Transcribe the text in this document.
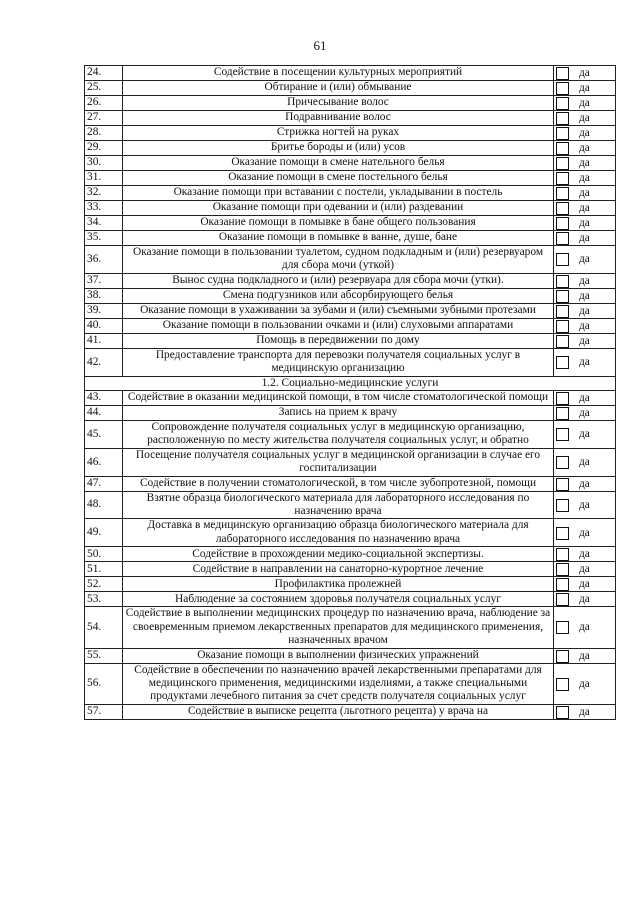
61
24.	Содействие в посещении культурных мероприятий	да
25.	Обтирание и (или) обмывание	да
26.	Причесывание волос	да
27.	Подравнивание волос	да
28.	Стрижка ногтей на руках	да
29.	Бритье бороды и (или) усов	да
30.	Оказание помощи в смене нательного белья	да
31.	Оказание помощи в смене постельного белья	да
32.	Оказание помощи при вставании с постели, укладывании в постель	да
33.	Оказание помощи при одевании и (или) раздевании	да
34.	Оказание помощи в помывке в бане общего пользования	да
35.	Оказание помощи в помывке в ванне, душе, бане	да
36.	Оказание помощи в пользовании туалетом, судном подкладным и (или) резервуаром для сбора мочи (уткой)	да
37.	Вынос судна подкладного и (или) резервуара для сбора мочи (утки).	да
38.	Смена подгузников или абсорбирующего белья	да
39.	Оказание помощи в ухаживании за зубами и (или) съемными зубными протезами	да
40.	Оказание помощи в пользовании очками и (или) слуховыми аппаратами	да
41.	Помощь в передвижении по дому	да
42.	Предоставление транспорта для перевозки получателя социальных услуг в медицинскую организацию	да
1.2. Социально-медицинские услуги		
43.	Содействие в оказании медицинской помощи, в том числе стоматологической помощи	да
44.	Запись на прием к врачу	да
45.	Сопровождение получателя социальных услуг в медицинскую организацию, расположенную по месту жительства получателя социальных услуг, и обратно	да
46.	Посещение получателя социальных услуг в медицинской организации в случае его госпитализации	да
47.	Содействие в получении стоматологической, в том числе зубопротезной, помощи	да
48.	Взятие образца биологического материала для лабораторного исследования по назначению врача	да
49.	Доставка в медицинскую организацию образца биологического материала для лабораторного исследования по назначению врача	да
50.	Содействие в прохождении медико-социальной экспертизы.	да
51.	Содействие в направлении на санаторно-курортное лечение	да
52.	Профилактика пролежней	да
53.	Наблюдение за состоянием здоровья получателя социальных услуг	да
54.	Содействие в выполнении медицинских процедур по назначению врача, наблюдение за своевременным приемом лекарственных препаратов для медицинского применения, назначенных врачом	да
55.	Оказание помощи в выполнении физических упражнений	да
56.	Содействие в обеспечении по назначению врачей лекарственными препаратами для медицинского применения, медицинскими изделиями, а также специальными продуктами лечебного питания за счет средств получателя социальных услуг	да
57.	Содействие в выписке рецепта (льготного рецепта) у врача на	да
